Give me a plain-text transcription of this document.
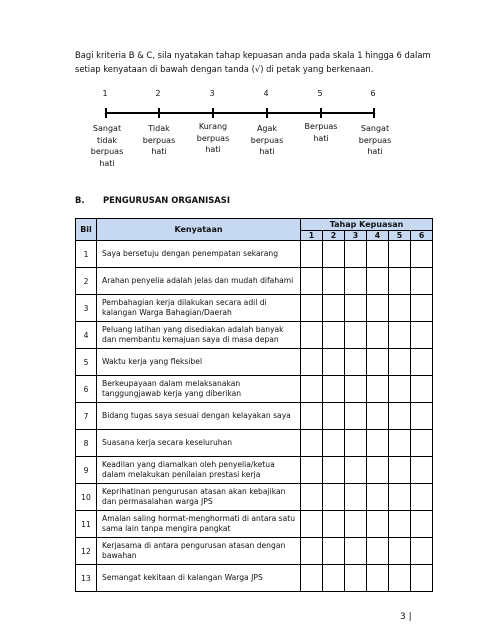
Bagi kriteria B & C, sila nyatakan tahap kepuasan anda pada skala 1 hingga 6 dalam setiap kenyataan di bawah dengan tanda (√) di petak yang berkenaan.
1	2	3	4	5	6
Sangat tidak berpuas hati
Tidak berpuas hati
Kurang berpuas hati
Agak berpuas hati
Berpuas hati
Sangat berpuas hati
B. PENGURUSAN ORGANISASI
Bil	Kenyataan	Tahap Kepuasan					
		1	2	3	4	5	6
1	Saya bersetuju dengan penempatan sekarang						
2	Arahan penyelia adalah jelas dan mudah difahami						
3	Pembahagian kerja dilakukan secara adil di kalangan Warga Bahagian/Daerah						
4	Peluang latihan yang disediakan adalah banyak dan membantu kemajuan saya di masa depan						
5	Waktu kerja yang fleksibel						
6	Berkeupayaan dalam melaksanakan tanggungjawab kerja yang diberikan						
7	Bidang tugas saya sesuai dengan kelayakan saya						
8	Suasana kerja secara keseluruhan						
9	Keadilan yang diamalkan oleh penyelia/ketua dalam melakukan penilaian prestasi kerja						
10	Keprihatinan pengurusan atasan akan kebajikan dan permasalahan warga JPS						
11	Amalan saling hormat-menghormati di antara satu sama lain tanpa mengira pangkat						
12	Kerjasama di antara pengurusan atasan dengan bawahan						
13	Semangat kekitaan di kalangan Warga JPS						
3 |
